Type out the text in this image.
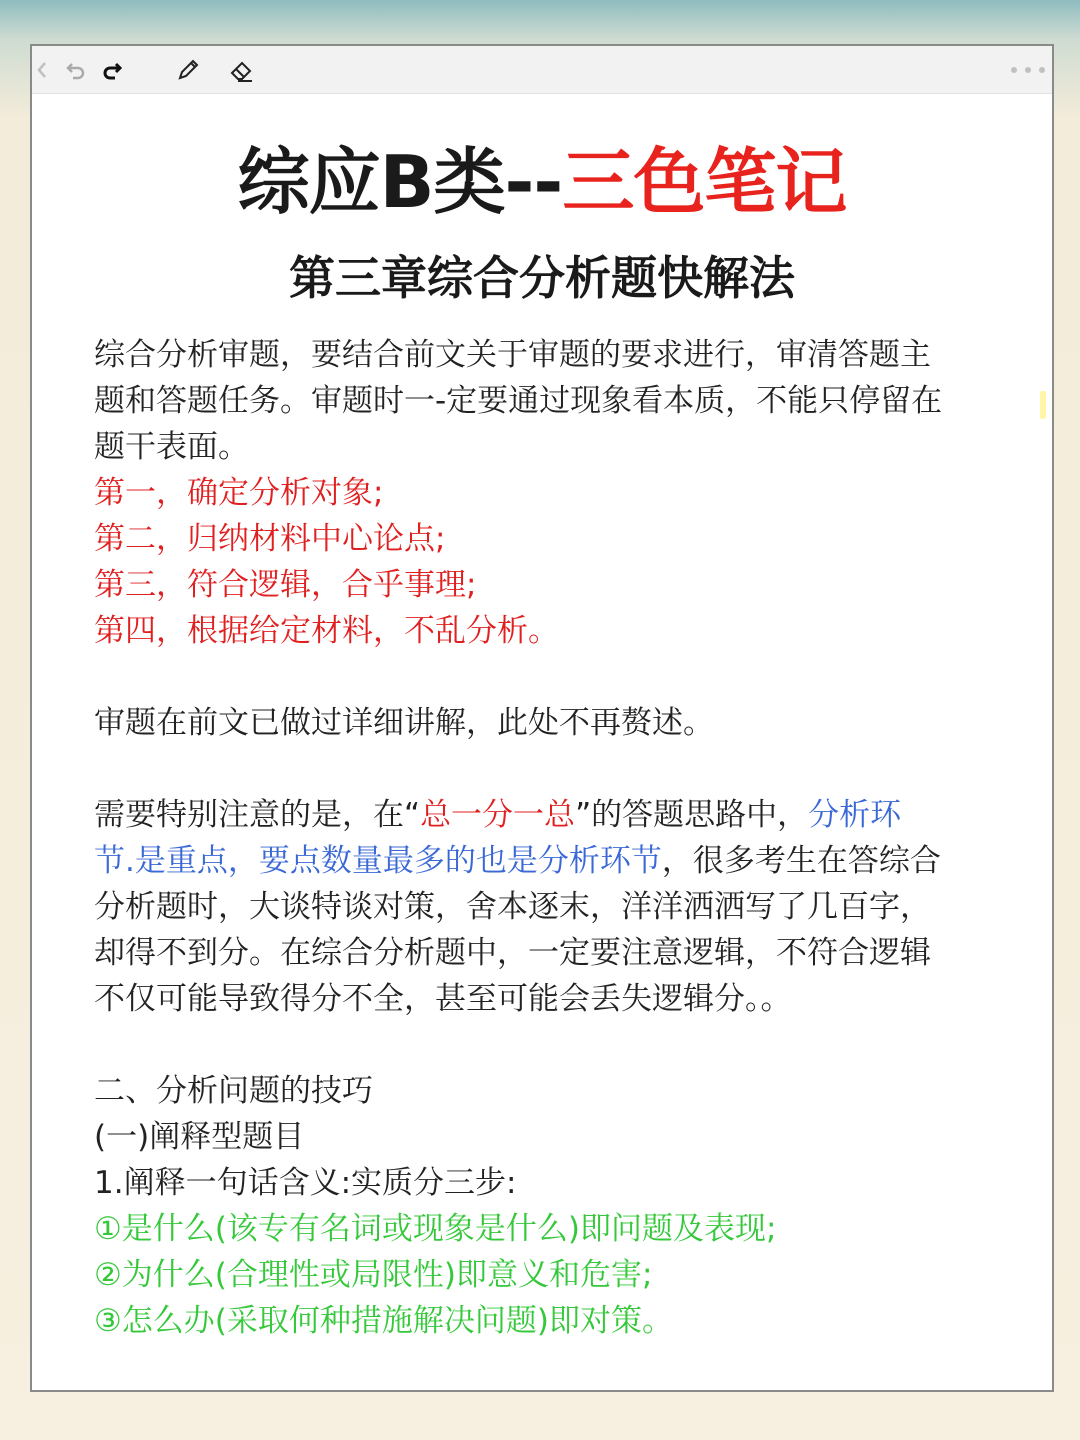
综应B类--三色笔记
第三章综合分析题快解法
综合分析审题，要结合前文关于审题的要求进行，审清答题主
题和答题任务。审题时一-定要通过现象看本质，不能只停留在
题干表面。
第一，确定分析对象;
第二，归纳材料中心论点;
第三，符合逻辑，合乎事理;
第四，根据给定材料，不乱分析。
审题在前文已做过详细讲解，此处不再赘述。
需要特别注意的是，在“总一分一总”的答题思路中，分析环
节.是重点，要点数量最多的也是分析环节，很多考生在答综合
分析题时，大谈特谈对策，舍本逐末，洋洋洒洒写了几百字，
却得不到分。在综合分析题中，一定要注意逻辑，不符合逻辑
不仅可能导致得分不全，甚至可能会丢失逻辑分。。
二、分析问题的技巧
(一)阐释型题目
1.阐释一句话含义:实质分三步:
①是什么(该专有名词或现象是什么)即问题及表现;
②为什么(合理性或局限性)即意义和危害;
③怎么办(采取何种措施解决问题)即对策。
